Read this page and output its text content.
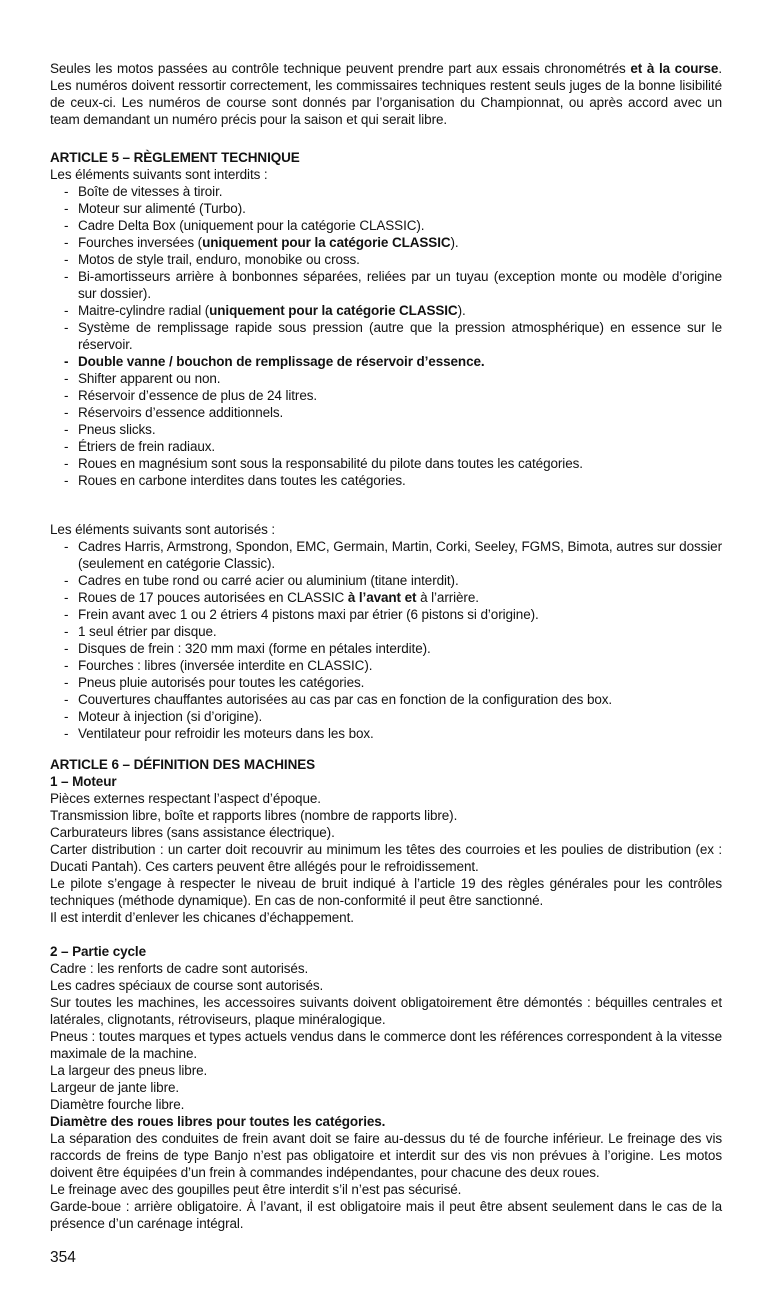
Seules les motos passées au contrôle technique peuvent prendre part aux essais chronométrés et à la course. Les numéros doivent ressortir correctement, les commissaires techniques restent seuls juges de la bonne lisibilité de ceux-ci. Les numéros de course sont donnés par l’organisation du Championnat, ou après accord avec un team demandant un numéro précis pour la saison et qui serait libre.

ARTICLE 5 – RÈGLEMENT TECHNIQUE

Les éléments suivants sont interdits :

- Boîte de vitesses à tiroir.
- Moteur sur alimenté (Turbo).
- Cadre Delta Box (uniquement pour la catégorie CLASSIC).
- Fourches inversées (uniquement pour la catégorie CLASSIC).
- Motos de style trail, enduro, monobike ou cross.
- Bi-amortisseurs arrière à bonbonnes séparées, reliées par un tuyau (exception monte ou modèle d’origine sur dossier).
- Maitre-cylindre radial (uniquement pour la catégorie CLASSIC).
- Système de remplissage rapide sous pression (autre que la pression atmosphérique) en essence sur le réservoir.
- Double vanne / bouchon de remplissage de réservoir d’essence.
- Shifter apparent ou non.
- Réservoir d’essence de plus de 24 litres.
- Réservoirs d’essence additionnels.
- Pneus slicks.
- Étriers de frein radiaux.
- Roues en magnésium sont sous la responsabilité du pilote dans toutes les catégories.
- Roues en carbone interdites dans toutes les catégories.

Les éléments suivants sont autorisés :

- Cadres Harris, Armstrong, Spondon, EMC, Germain, Martin, Corki, Seeley, FGMS, Bimota, autres sur dossier (seulement en catégorie Classic).
- Cadres en tube rond ou carré acier ou aluminium (titane interdit).
- Roues de 17 pouces autorisées en CLASSIC à l’avant et à l’arrière.
- Frein avant avec 1 ou 2 étriers 4 pistons maxi par étrier (6 pistons si d’origine).
- 1 seul étrier par disque.
- Disques de frein : 320 mm maxi (forme en pétales interdite).
- Fourches : libres (inversée interdite en CLASSIC).
- Pneus pluie autorisés pour toutes les catégories.
- Couvertures chauffantes autorisées au cas par cas en fonction de la configuration des box.
- Moteur à injection (si d’origine).
- Ventilateur pour refroidir les moteurs dans les box.
ARTICLE 6 – DÉFINITION DES MACHINES
1 – Moteur
Pièces externes respectant l’aspect d’époque.
Transmission libre, boîte et rapports libres (nombre de rapports libre).
Carburateurs libres (sans assistance électrique).
Carter distribution : un carter doit recouvrir au minimum les têtes des courroies et les poulies de distribution (ex : Ducati Pantah). Ces carters peuvent être allégés pour le refroidissement.
Le pilote s’engage à respecter le niveau de bruit indiqué à l’article 19 des règles générales pour les contrôles techniques (méthode dynamique). En cas de non-conformité il peut être sanctionné.
Il est interdit d’enlever les chicanes d’échappement.
2 – Partie cycle
Cadre : les renforts de cadre sont autorisés.
Les cadres spéciaux de course sont autorisés.
Sur toutes les machines, les accessoires suivants doivent obligatoirement être démontés : béquilles centrales et latérales, clignotants, rétroviseurs, plaque minéralogique.
Pneus : toutes marques et types actuels vendus dans le commerce dont les références correspondent à la vitesse maximale de la machine.
La largeur des pneus libre.
Largeur de jante libre.
Diamètre fourche libre.
Diamètre des roues libres pour toutes les catégories.
La séparation des conduites de frein avant doit se faire au-dessus du té de fourche inférieur. Le freinage des vis raccords de freins de type Banjo n’est pas obligatoire et interdit sur des vis non prévues à l’origine. Les motos doivent être équipées d’un frein à commandes indépendantes, pour chacune des deux roues.
Le freinage avec des goupilles peut être interdit s’il n’est pas sécurisé.
Garde-boue : arrière obligatoire. À l’avant, il est obligatoire mais il peut être absent seulement dans le cas de la présence d’un carénage intégral.
354
